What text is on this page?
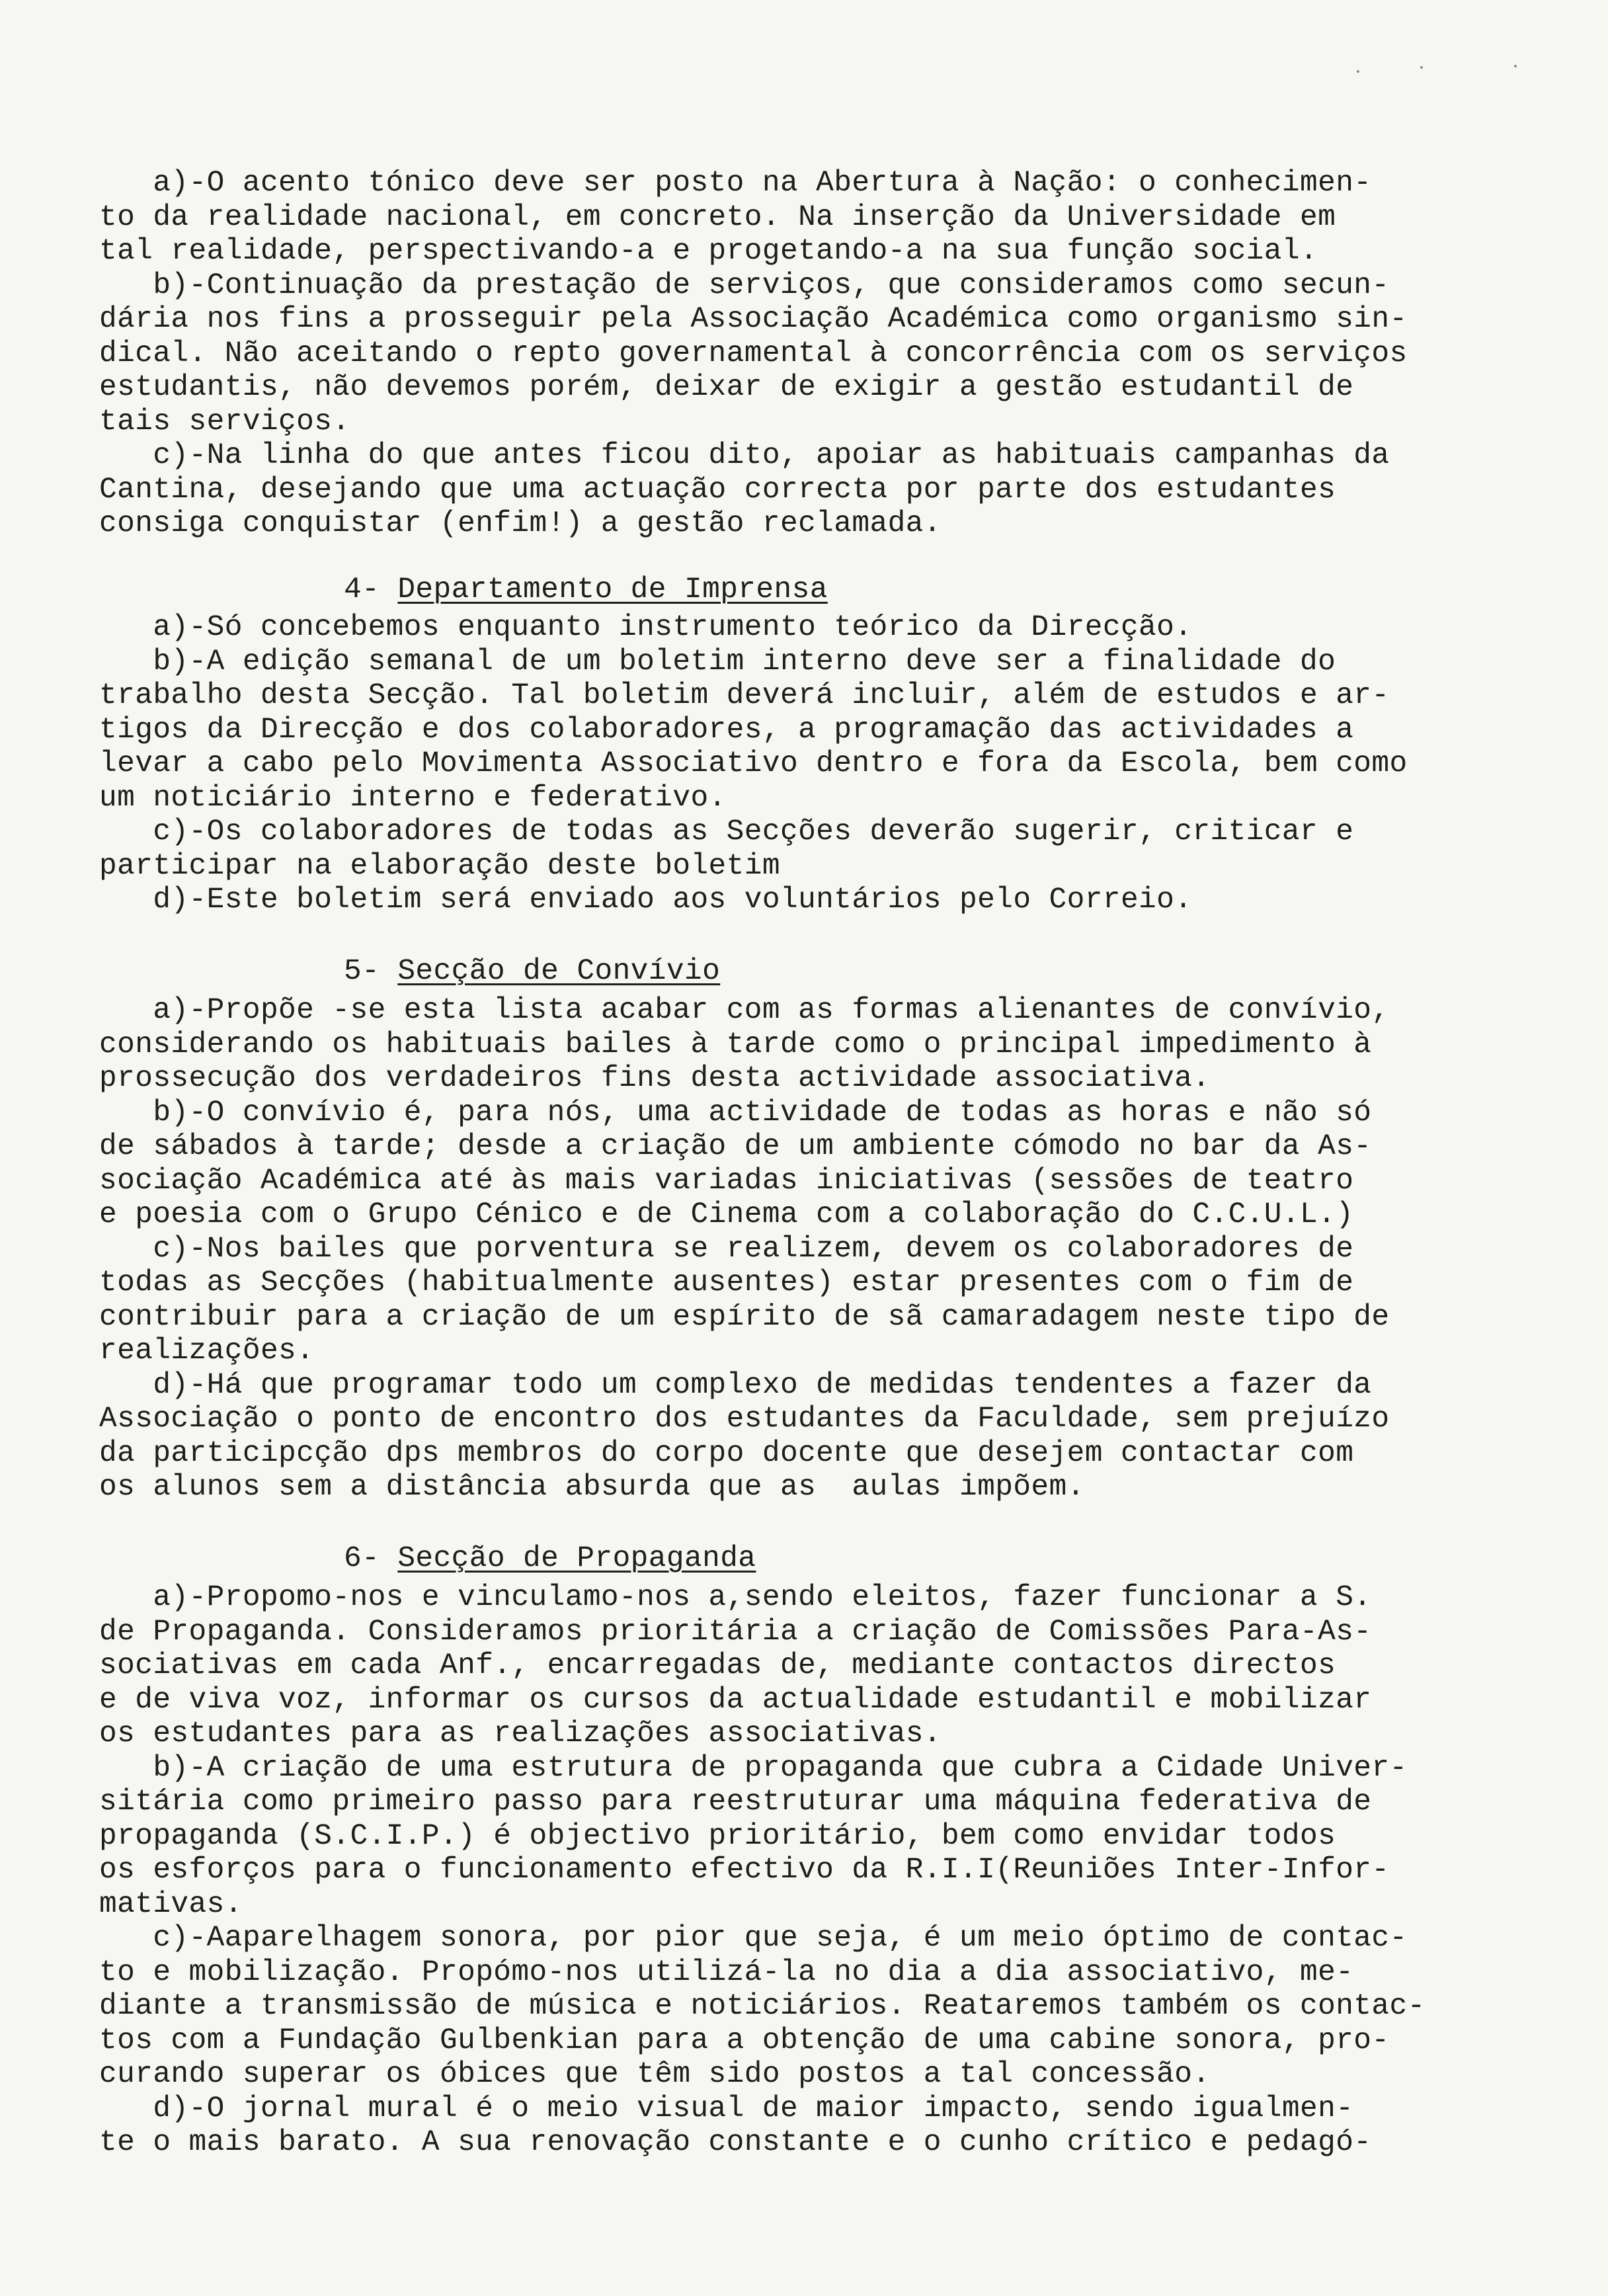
a)-O acento tónico deve ser posto na Abertura à Nação: o conhecimen-
to da realidade nacional, em concreto. Na inserção da Universidade em
tal realidade, perspectivando-a e progetando-a na sua função social.
b)-Continuação da prestação de serviços, que consideramos como secun-
dária nos fins a prosseguir pela Associação Académica como organismo sin-
dical. Não aceitando o repto governamental à concorrência com os serviços
estudantis, não devemos porém, deixar de exigir a gestão estudantil de
tais serviços.
c)-Na linha do que antes ficou dito, apoiar as habituais campanhas da
Cantina, desejando que uma actuação correcta por parte dos estudantes
consiga conquistar (enfim!) a gestão reclamada.
4- Departamento de Imprensa
a)-Só concebemos enquanto instrumento teórico da Direcção.
b)-A edição semanal de um boletim interno deve ser a finalidade do
trabalho desta Secção. Tal boletim deverá incluir, além de estudos e ar-
tigos da Direcção e dos colaboradores, a programação das actividades a
levar a cabo pelo Movimenta Associativo dentro e fora da Escola, bem como
um noticiário interno e federativo.
c)-Os colaboradores de todas as Secções deverão sugerir, criticar e
participar na elaboração deste boletim
d)-Este boletim será enviado aos voluntários pelo Correio.
5- Secção de Convívio
a)-Propõe -se esta lista acabar com as formas alienantes de convívio,
considerando os habituais bailes à tarde como o principal impedimento à
prossecução dos verdadeiros fins desta actividade associativa.
b)-O convívio é, para nós, uma actividade de todas as horas e não só
de sábados à tarde; desde a criação de um ambiente cómodo no bar da As-
sociação Académica até às mais variadas iniciativas (sessões de teatro
e poesia com o Grupo Cénico e de Cinema com a colaboração do C.C.U.L.)
c)-Nos bailes que porventura se realizem, devem os colaboradores de
todas as Secções (habitualmente ausentes) estar presentes com o fim de
contribuir para a criação de um espírito de sã camaradagem neste tipo de
realizações.
d)-Há que programar todo um complexo de medidas tendentes a fazer da
Associação o ponto de encontro dos estudantes da Faculdade, sem prejuízo
da participcção dps membros do corpo docente que desejem contactar com
os alunos sem a distância absurda que as  aulas impõem.
6- Secção de Propaganda
a)-Propomo-nos e vinculamo-nos a,sendo eleitos, fazer funcionar a S.
de Propaganda. Consideramos prioritária a criação de Comissões Para-As-
sociativas em cada Anf., encarregadas de, mediante contactos directos
e de viva voz, informar os cursos da actualidade estudantil e mobilizar
os estudantes para as realizações associativas.
b)-A criação de uma estrutura de propaganda que cubra a Cidade Univer-
sitária como primeiro passo para reestruturar uma máquina federativa de
propaganda (S.C.I.P.) é objectivo prioritário, bem como envidar todos
os esforços para o funcionamento efectivo da R.I.I(Reuniões Inter-Infor-
mativas.
c)-Aaparelhagem sonora, por pior que seja, é um meio óptimo de contac-
to e mobilização. Propómo-nos utilizá-la no dia a dia associativo, me-
diante a transmissão de música e noticiários. Reataremos também os contac-
tos com a Fundação Gulbenkian para a obtenção de uma cabine sonora, pro-
curando superar os óbices que têm sido postos a tal concessão.
d)-O jornal mural é o meio visual de maior impacto, sendo igualmen-
te o mais barato. A sua renovação constante e o cunho crítico e pedagó-
